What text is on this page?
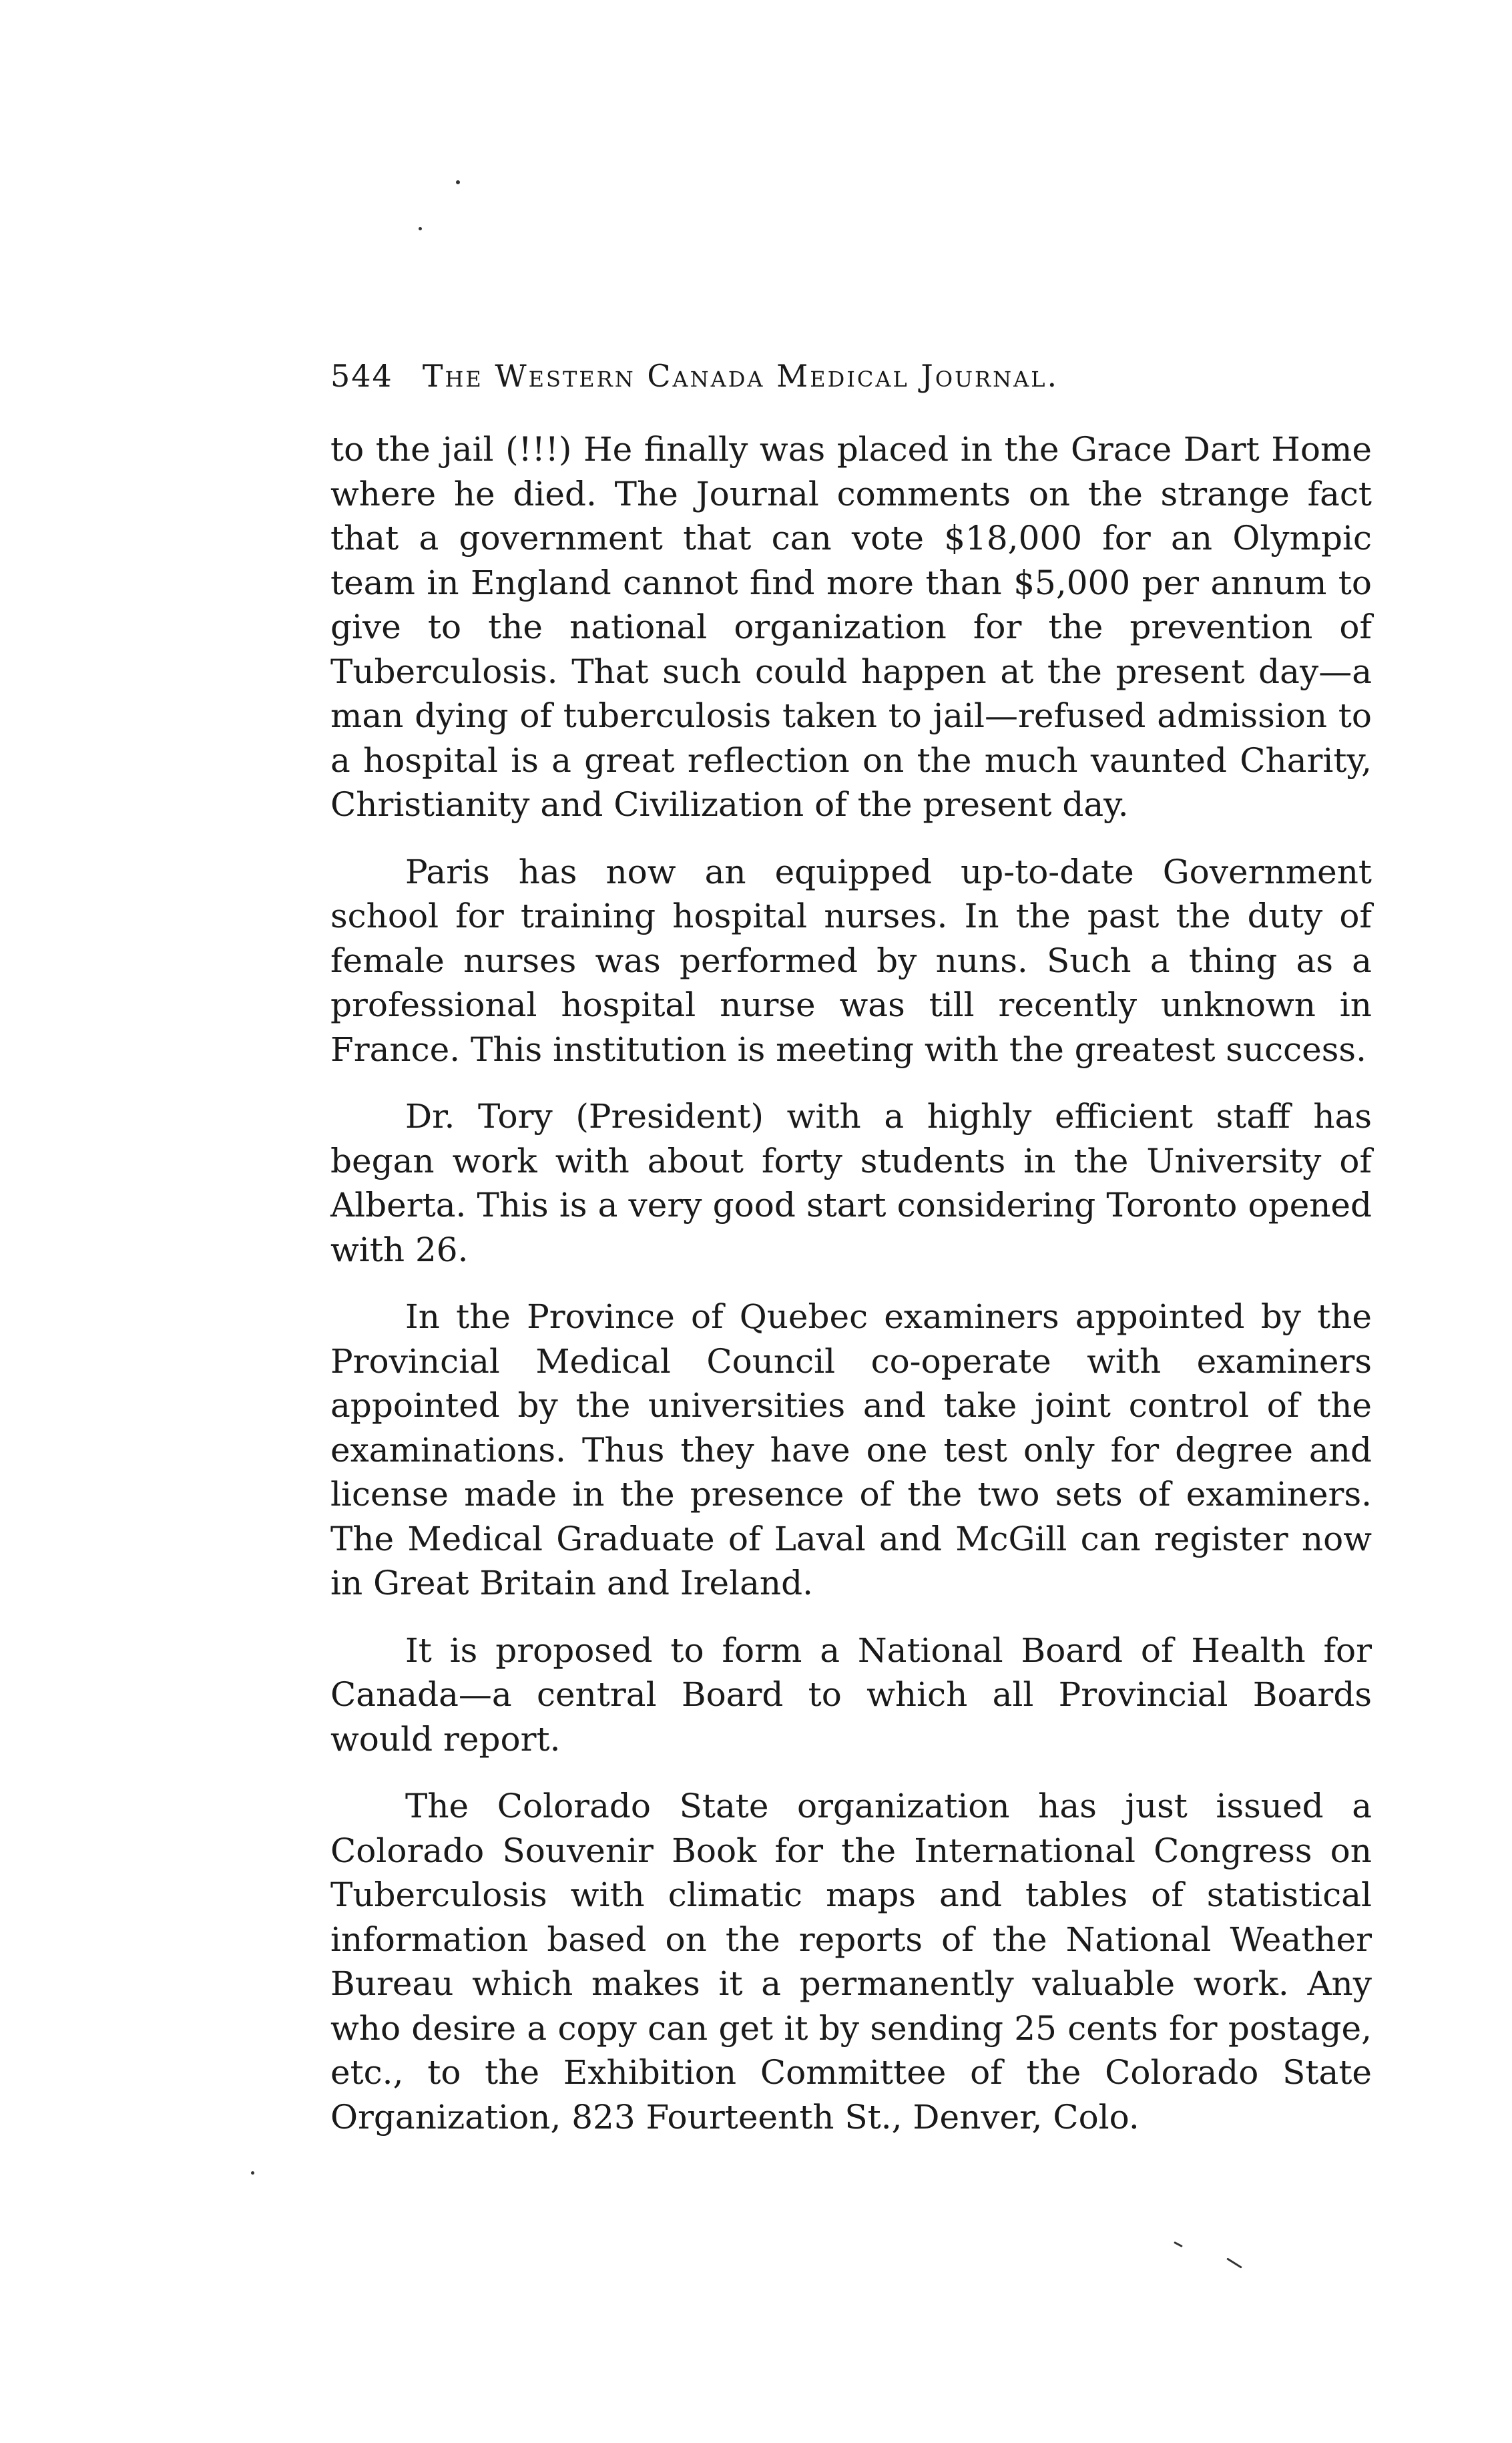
544 The Western Canada Medical Journal.

to the jail (!!!) He finally was placed in the Grace Dart Home where he died. The Journal comments on the strange fact that a government that can vote $18,000 for an Olympic team in England cannot find more than $5,000 per annum to give to the national organization for the prevention of Tuberculosis. That such could happen at the present day—a man dying of tuberculosis taken to jail—refused admission to a hospital is a great reflection on the much vaunted Charity, Christianity and Civilization of the present day.

Paris has now an equipped up-to-date Government school for training hospital nurses. In the past the duty of female nurses was performed by nuns. Such a thing as a professional hospital nurse was till recently unknown in France. This institution is meeting with the greatest success.

Dr. Tory (President) with a highly efficient staff has began work with about forty students in the University of Alberta. This is a very good start considering Toronto opened with 26.

In the Province of Quebec examiners appointed by the Provincial Medical Council co-operate with examiners appointed by the universities and take joint control of the examinations. Thus they have one test only for degree and license made in the presence of the two sets of examiners. The Medical Graduate of Laval and McGill can register now in Great Britain and Ireland.

It is proposed to form a National Board of Health for Canada—a central Board to which all Provincial Boards would report.

The Colorado State organization has just issued a Colorado Souvenir Book for the International Congress on Tuberculosis with climatic maps and tables of statistical information based on the reports of the National Weather Bureau which makes it a permanently valuable work. Any who desire a copy can get it by sending 25 cents for postage, etc., to the Exhibition Committee of the Colorado State Organization, 823 Fourteenth St., Denver, Colo.
